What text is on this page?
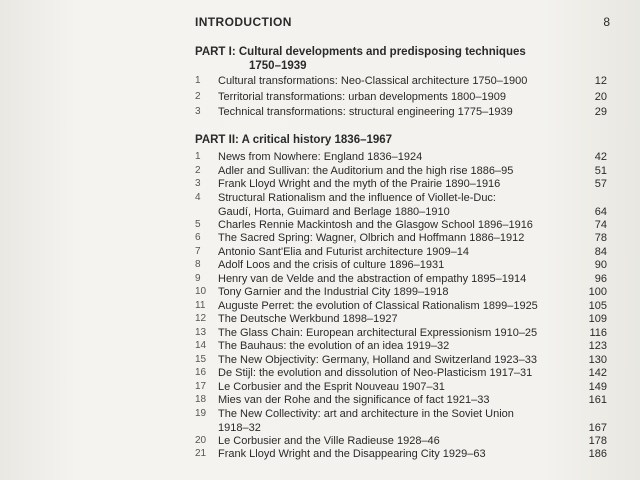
INTRODUCTION	8
PART I: Cultural developments and predisposing techniques
1750–1939
1	Cultural transformations: Neo-Classical architecture 1750–1900	12
2	Territorial transformations: urban developments 1800–1909	20
3	Technical transformations: structural engineering 1775–1939	29
PART II: A critical history 1836–1967
1	News from Nowhere: England 1836–1924	42
2	Adler and Sullivan: the Auditorium and the high rise 1886–95	51
3	Frank Lloyd Wright and the myth of the Prairie 1890–1916	57
4	Structural Rationalism and the influence of Viollet-le-Duc:
Gaudí, Horta, Guimard and Berlage 1880–1910	64
5	Charles Rennie Mackintosh and the Glasgow School 1896–1916	74
6	The Sacred Spring: Wagner, Olbrich and Hoffmann 1886–1912	78
7	Antonio Sant'Elia and Futurist architecture 1909–14	84
8	Adolf Loos and the crisis of culture 1896–1931	90
9	Henry van de Velde and the abstraction of empathy 1895–1914	96
10 Tony Garnier and the Industrial City 1899–1918	100
11	Auguste Perret: the evolution of Classical Rationalism 1899–1925	105
12 The Deutsche Werkbund 1898–1927	109
13 The Glass Chain: European architectural Expressionism 1910–25	116
14 The Bauhaus: the evolution of an idea 1919–32	123
15 The New Objectivity: Germany, Holland and Switzerland 1923–33	130
16 De Stijl: the evolution and dissolution of Neo-Plasticism 1917–31	142
17 Le Corbusier and the Esprit Nouveau 1907–31	149
18 Mies van der Rohe and the significance of fact 1921–33	161
19 The New Collectivity: art and architecture in the Soviet Union
1918–32	167
20 Le Corbusier and the Ville Radieuse 1928–46	178
21 Frank Lloyd Wright and the Disappearing City 1929–63	186
